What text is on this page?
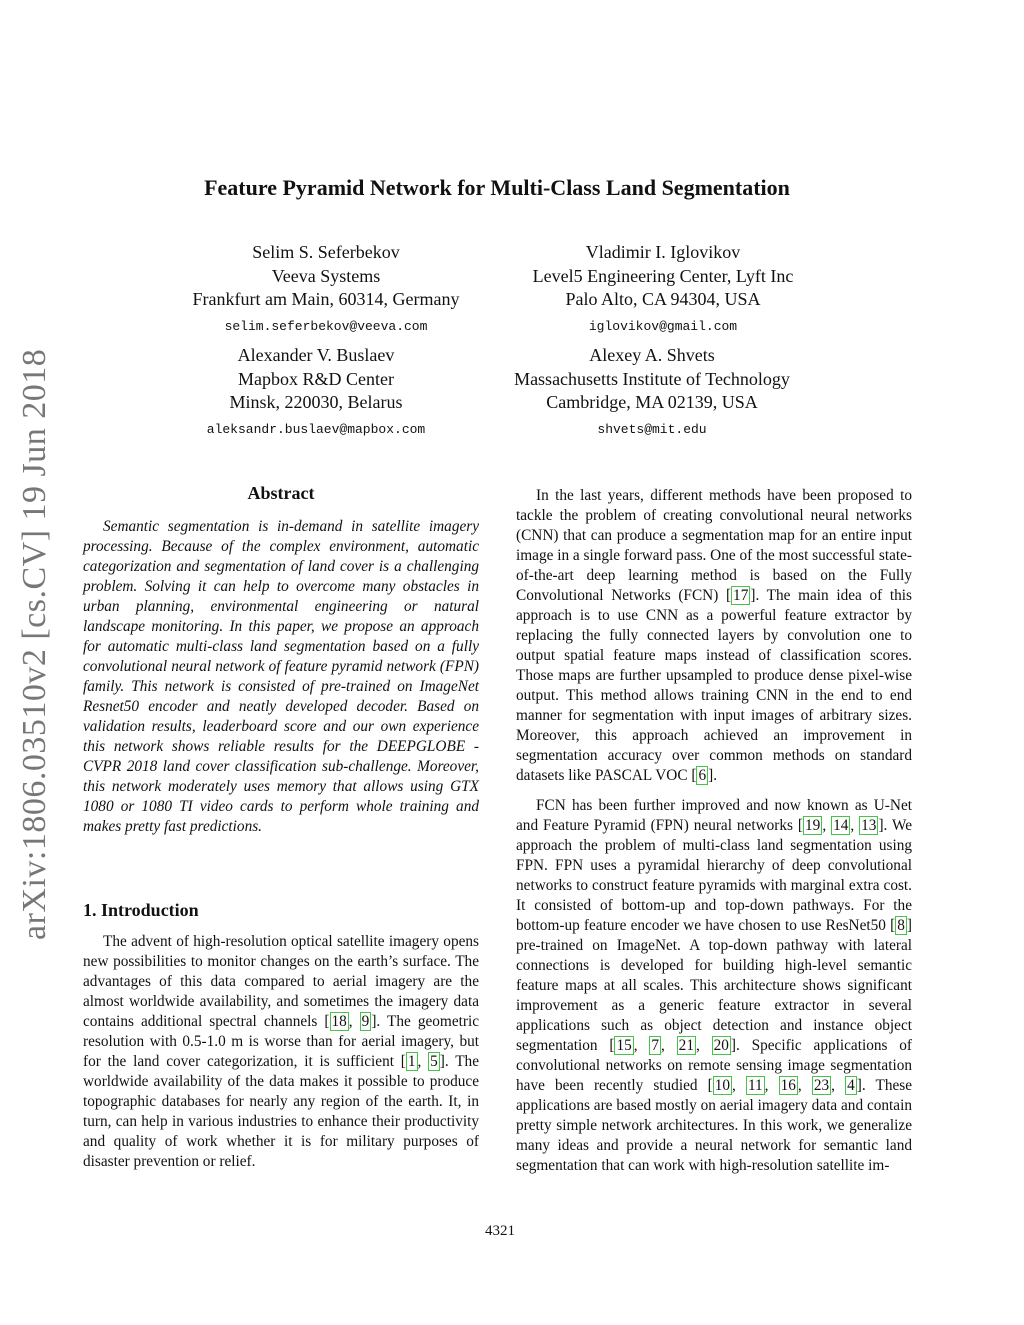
arXiv:1806.03510v2 [cs.CV] 19 Jun 2018
Feature Pyramid Network for Multi-Class Land Segmentation
Selim S. Seferbekov
Veeva Systems
Frankfurt am Main, 60314, Germany
selim.seferbekov@veeva.com
Vladimir I. Iglovikov
Level5 Engineering Center, Lyft Inc
Palo Alto, CA 94304, USA
iglovikov@gmail.com
Alexander V. Buslaev
Mapbox R&D Center
Minsk, 220030, Belarus
aleksandr.buslaev@mapbox.com
Alexey A. Shvets
Massachusetts Institute of Technology
Cambridge, MA 02139, USA
shvets@mit.edu
Abstract

Semantic segmentation is in-demand in satellite imagery processing. Because of the complex environment, automatic categorization and segmentation of land cover is a challenging problem. Solving it can help to overcome many obstacles in urban planning, environmental engineering or natural landscape monitoring. In this paper, we propose an approach for automatic multi-class land segmentation based on a fully convolutional neural network of feature pyramid network (FPN) family. This network is consisted of pre-trained on ImageNet Resnet50 encoder and neatly developed decoder. Based on validation results, leaderboard score and our own experience this network shows reliable results for the DEEPGLOBE - CVPR 2018 land cover classification sub-challenge. Moreover, this network moderately uses memory that allows using GTX 1080 or 1080 TI video cards to perform whole training and makes pretty fast predictions.

1. Introduction

The advent of high-resolution optical satellite imagery opens new possibilities to monitor changes on the earth’s surface. The advantages of this data compared to aerial imagery are the almost worldwide availability, and sometimes the imagery data contains additional spectral channels [ 18 , 9 ]. The geometric resolution with 0.5-1.0 m is worse than for aerial imagery, but for the land cover categorization, it is sufficient [ 1 , 5 ]. The worldwide availability of the data makes it possible to produce topographic databases for nearly any region of the earth. It, in turn, can help in various industries to enhance their productivity and quality of work whether it is for military purposes of disaster prevention or relief.

In the last years, different methods have been proposed to tackle the problem of creating convolutional neural networks (CNN) that can produce a segmentation map for an entire input image in a single forward pass. One of the most successful state-of-the-art deep learning method is based on the Fully Convolutional Networks (FCN) [ 17 ]. The main idea of this approach is to use CNN as a powerful feature extractor by replacing the fully connected layers by convolution one to output spatial feature maps instead of classification scores. Those maps are further upsampled to produce dense pixel-wise output. This method allows training CNN in the end to end manner for segmentation with input images of arbitrary sizes. Moreover, this approach achieved an improvement in segmentation accuracy over common methods on standard datasets like PASCAL VOC [ 6 ].

FCN has been further improved and now known as U-Net and Feature Pyramid (FPN) neural networks [ 19 , 14 , 13 ]. We approach the problem of multi-class land segmentation using FPN. FPN uses a pyramidal hierarchy of deep convolutional networks to construct feature pyramids with marginal extra cost. It consisted of bottom-up and top-down pathways. For the bottom-up feature encoder we have chosen to use ResNet50 [ 8 ] pre-trained on ImageNet. A top-down pathway with lateral connections is developed for building high-level semantic feature maps at all scales. This architecture shows significant improvement as a generic feature extractor in several applications such as object detection and instance object segmentation [ 15 , 7 , 21 , 20 ]. Specific applications of convolutional networks on remote sensing image segmentation have been recently studied [ 10 , 11 , 16 , 23 , 4 ]. These applications are based mostly on aerial imagery data and contain pretty simple network architectures. In this work, we generalize many ideas and provide a neural network for semantic land segmentation that can work with high-resolution satellite im-

4321
